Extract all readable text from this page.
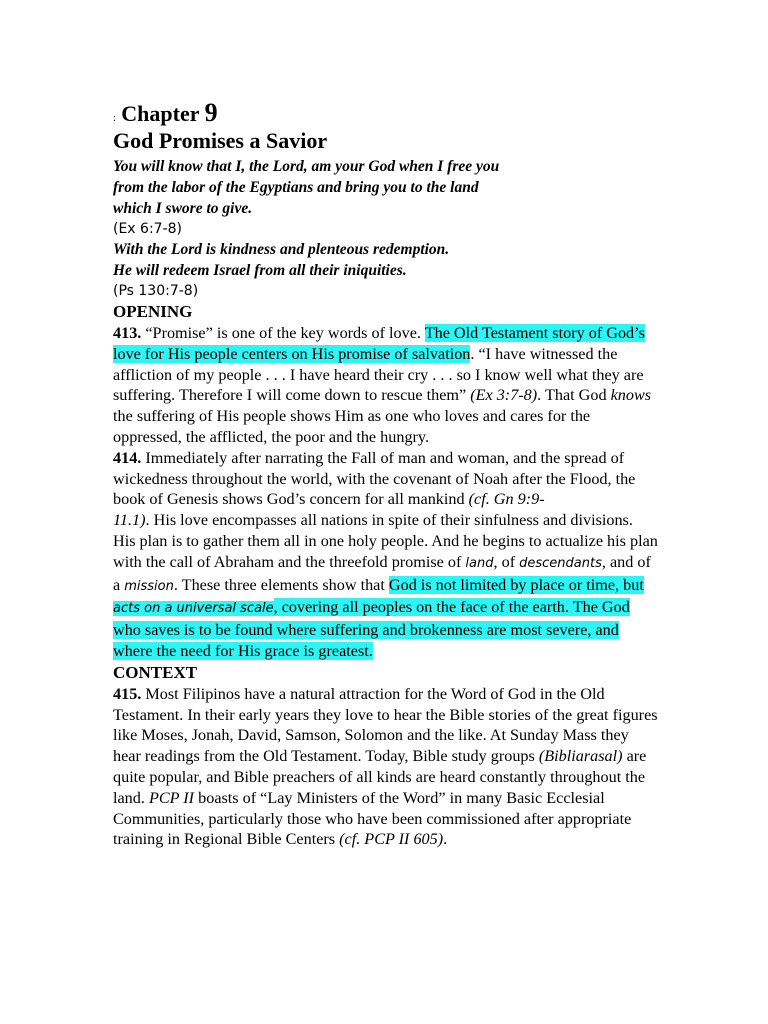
: Chapter 9
God Promises a Savior
You will know that I, the Lord, am your God when I free you
from the labor of the Egyptians and bring you to the land
which I swore to give.
(Ex 6:7-8)
With the Lord is kindness and plenteous redemption.
He will redeem Israel from all their iniquities.
(Ps 130:7-8)
OPENING
413. “Promise” is one of the key words of love. The Old Testament story of God’s love for His people centers on His promise of salvation. “I have witnessed the affliction of my people . . . I have heard their cry . . . so I know well what they are suffering. Therefore I will come down to rescue them” (Ex 3:7-8). That God knows the suffering of His people shows Him as one who loves and cares for the oppressed, the afflicted, the poor and the hungry.
414. Immediately after narrating the Fall of man and woman, and the spread of wickedness throughout the world, with the covenant of Noah after the Flood, the book of Genesis shows God’s concern for all mankind (cf. Gn 9:9-
11.1). His love encompasses all nations in spite of their sinfulness and divisions. His plan is to gather them all in one holy people. And he begins to actualize his plan with the call of Abraham and the threefold promise of land, of descendants, and of a mission. These three elements show that God is not limited by place or time, but acts on a universal scale, covering all peoples on the face of the earth. The God who saves is to be found where suffering and brokenness are most severe, and where the need for His grace is greatest.
CONTEXT
415. Most Filipinos have a natural attraction for the Word of God in the Old Testament. In their early years they love to hear the Bible stories of the great figures like Moses, Jonah, David, Samson, Solomon and the like. At Sunday Mass they hear readings from the Old Testament. Today, Bible study groups (Bibliarasal) are quite popular, and Bible preachers of all kinds are heard constantly throughout the land. PCP II boasts of “Lay Ministers of the Word” in many Basic Ecclesial Communities, particularly those who have been commissioned after appropriate training in Regional Bible Centers (cf. PCP II 605).
